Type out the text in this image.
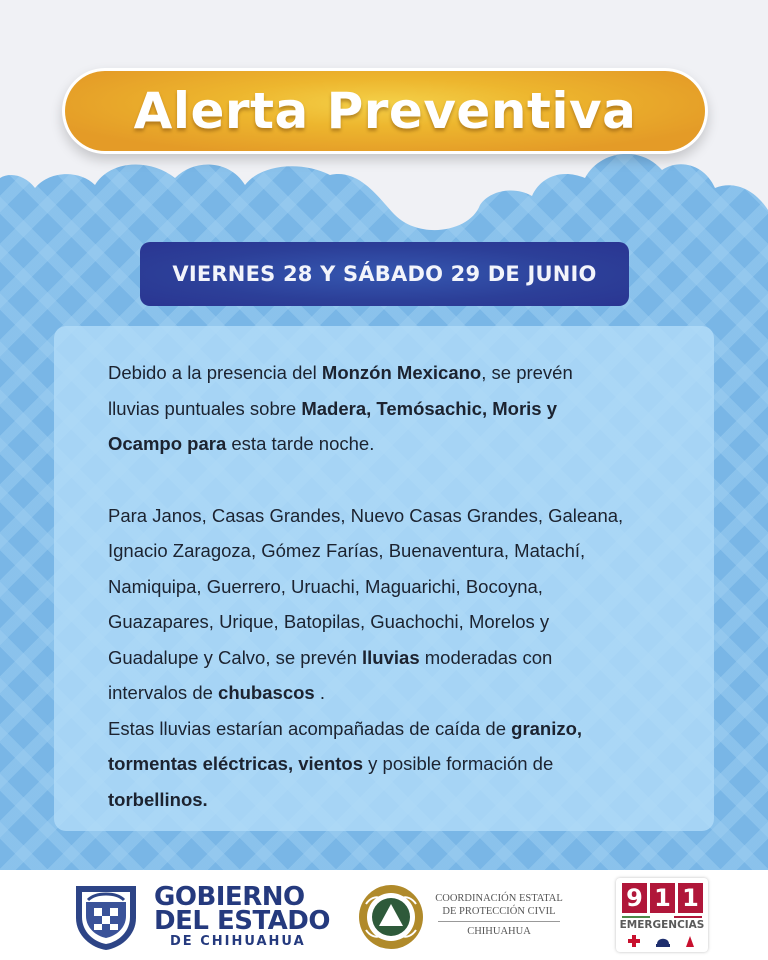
Alerta Preventiva
VIERNES 28 Y SÁBADO 29 DE JUNIO
Debido a la presencia del Monzón Mexicano, se prevén
lluvias puntuales sobre Madera, Temósachic, Moris y
Ocampo para esta tarde noche.
Para Janos, Casas Grandes, Nuevo Casas Grandes, Galeana,
Ignacio Zaragoza, Gómez Farías, Buenaventura, Matachí,
Namiquipa, Guerrero, Uruachi, Maguarichi, Bocoyna,
Guazapares, Urique, Batopilas, Guachochi, Morelos y
Guadalupe y Calvo, se prevén lluvias moderadas con
intervalos de chubascos .
Estas lluvias estarían acompañadas de caída de granizo,
tormentas eléctricas, vientos y posible formación de
torbellinos.
GOBIERNO
DEL ESTADO
DE CHIHUAHUA
COORDINACIÓN ESTATAL
DE PROTECCIÓN CIVIL
CHIHUAHUA
9 1 1
EMERGENCIAS
